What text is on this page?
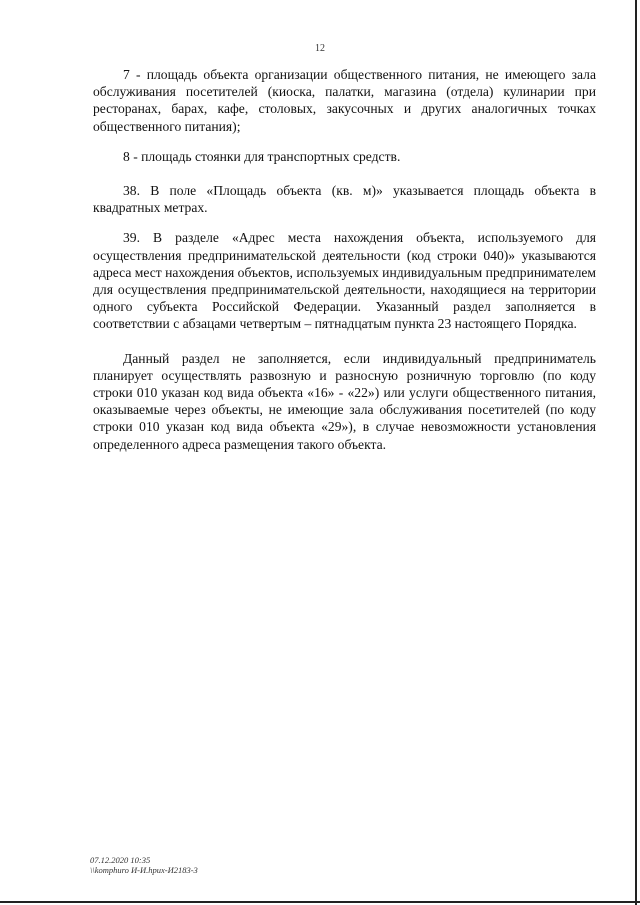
12

7 - площадь объекта организации общественного питания, не имеющего зала обслуживания посетителей (киоска, палатки, магазина (отдела) кулинарии при ресторанах, барах, кафе, столовых, закусочных и других аналогичных точках общественного питания);

8 - площадь стоянки для транспортных средств.

38. В поле «Площадь объекта (кв. м)» указывается площадь объекта в квадратных метрах.

39. В разделе «Адрес места нахождения объекта, используемого для осуществления предпринимательской деятельности (код строки 040)» указываются адреса мест нахождения объектов, используемых индивидуальным предпринимателем для осуществления предпринимательской деятельности, находящиеся на территории одного субъекта Российской Федерации. Указанный раздел заполняется в соответствии с абзацами четвертым – пятнадцатым пункта 23 настоящего Порядка.

Данный раздел не заполняется, если индивидуальный предприниматель планирует осуществлять развозную и разносную розничную торговлю (по коду строки 010 указан код вида объекта «16» - «22») или услуги общественного питания, оказываемые через объекты, не имеющие зала обслуживания посетителей (по коду строки 010 указан код вида объекта «29»), в случае невозможности установления определенного адреса размещения такого объекта.

07.12.2020 10:35
\\komphuro И-И.hpux-И2183-3
